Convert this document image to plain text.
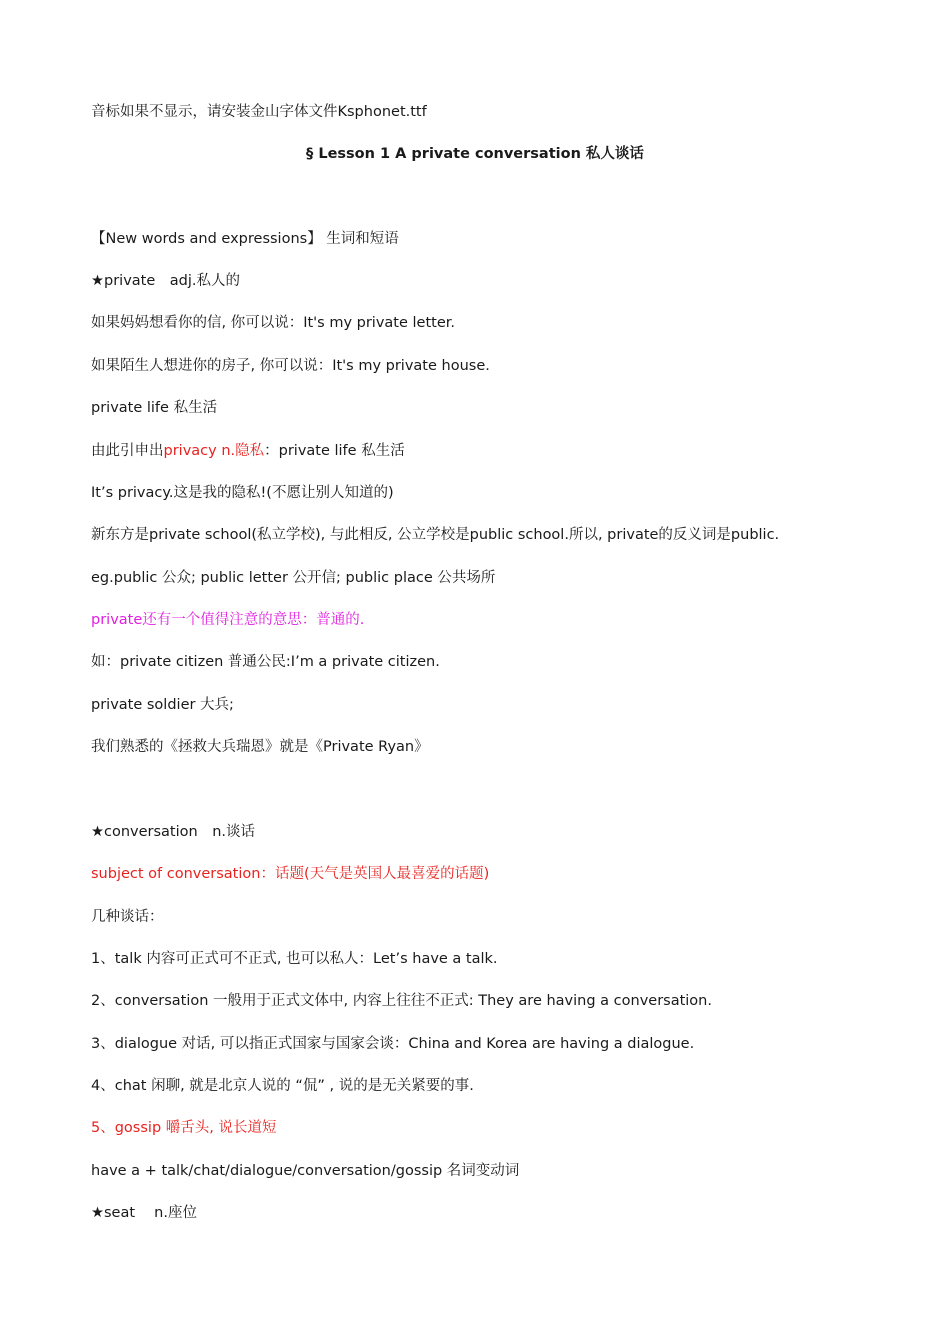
音标如果不显示，请安装金山字体文件Ksphonet.ttf
§ Lesson 1 A private conversation 私人谈话
【New words and expressions】 生词和短语
★private　adj.私人的
如果妈妈想看你的信, 你可以说：It's my private letter.
如果陌生人想进你的房子, 你可以说：It's my private house.
private life 私生活
由此引申出privacy n.隐私：private life 私生活
It’s privacy.这是我的隐私!(不愿让别人知道的)
新东方是private school(私立学校), 与此相反, 公立学校是public school.所以, private的反义词是public.
eg.public 公众; public letter 公开信; public place 公共场所
private还有一个值得注意的意思：普通的.
如：private citizen 普通公民:I’m a private citizen.
private soldier 大兵;
我们熟悉的《拯救大兵瑞恩》就是《Private Ryan》
★conversation　n.谈话
subject of conversation：话题(天气是英国人最喜爱的话题)
几种谈话：
1、talk 内容可正式可不正式, 也可以私人：Let’s have a talk.
2、conversation 一般用于正式文体中, 内容上往往不正式: They are having a conversation.
3、dialogue 对话, 可以指正式国家与国家会谈：China and Korea are having a dialogue.
4、chat 闲聊, 就是北京人说的 “侃” , 说的是无关紧要的事.
5、gossip 嚼舌头, 说长道短
have a + talk/chat/dialogue/conversation/gossip 名词变动词
★seat　 n.座位
